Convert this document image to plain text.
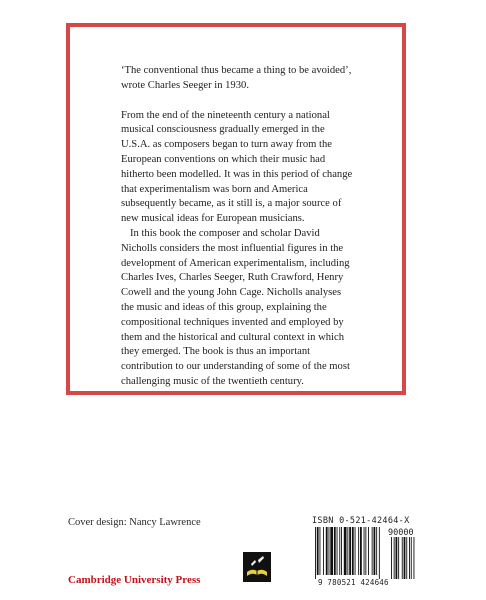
‘The conventional thus became a thing to be avoided’, wrote Charles Seeger in 1930.

From the end of the nineteenth century a national musical consciousness gradually emerged in the U.S.A. as composers began to turn away from the European conventions on which their music had hitherto been modelled. It was in this period of change that experimentalism was born and America subsequently became, as it still is, a major source of new musical ideas for European musicians.

In this book the composer and scholar David Nicholls considers the most influential figures in the development of American experimentalism, including Charles Ives, Charles Seeger, Ruth Crawford, Henry Cowell and the young John Cage. Nicholls analyses the music and ideas of this group, explaining the compositional techniques invented and employed by them and the historical and cultural context in which they emerged. The book is thus an important contribution to our understanding of some of the most challenging music of the twentieth century.

Cover design: Nancy Lawrence
Cambridge University Press
ISBN 0-521-42464-X
90000
9 780521 424646
